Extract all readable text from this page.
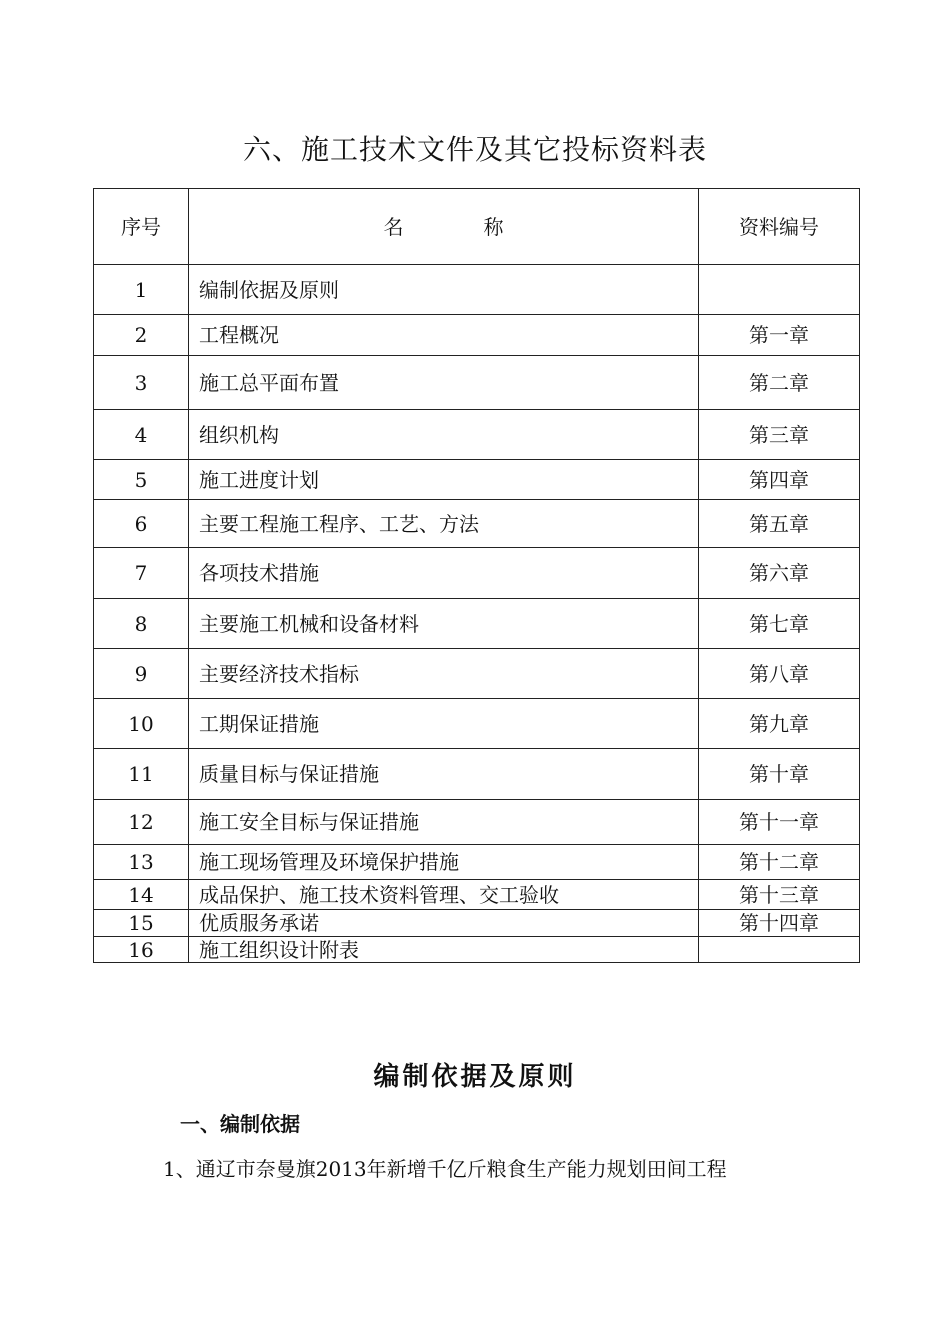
六、施工技术文件及其它投标资料表
序号	名　　　　称	资料编号
1	编制依据及原则	
2	工程概况	第一章
3	施工总平面布置	第二章
4	组织机构	第三章
5	施工进度计划	第四章
6	主要工程施工程序、工艺、方法	第五章
7	各项技术措施	第六章
8	主要施工机械和设备材料	第七章
9	主要经济技术指标	第八章
10	工期保证措施	第九章
11	质量目标与保证措施	第十章
12	施工安全目标与保证措施	第十一章
13	施工现场管理及环境保护措施	第十二章
14	成品保护、施工技术资料管理、交工验收	第十三章
15	优质服务承诺	第十四章
16	施工组织设计附表	
编制依据及原则
一、编制依据

1、通辽市奈曼旗2013年新增千亿斤粮食生产能力规划田间工程
